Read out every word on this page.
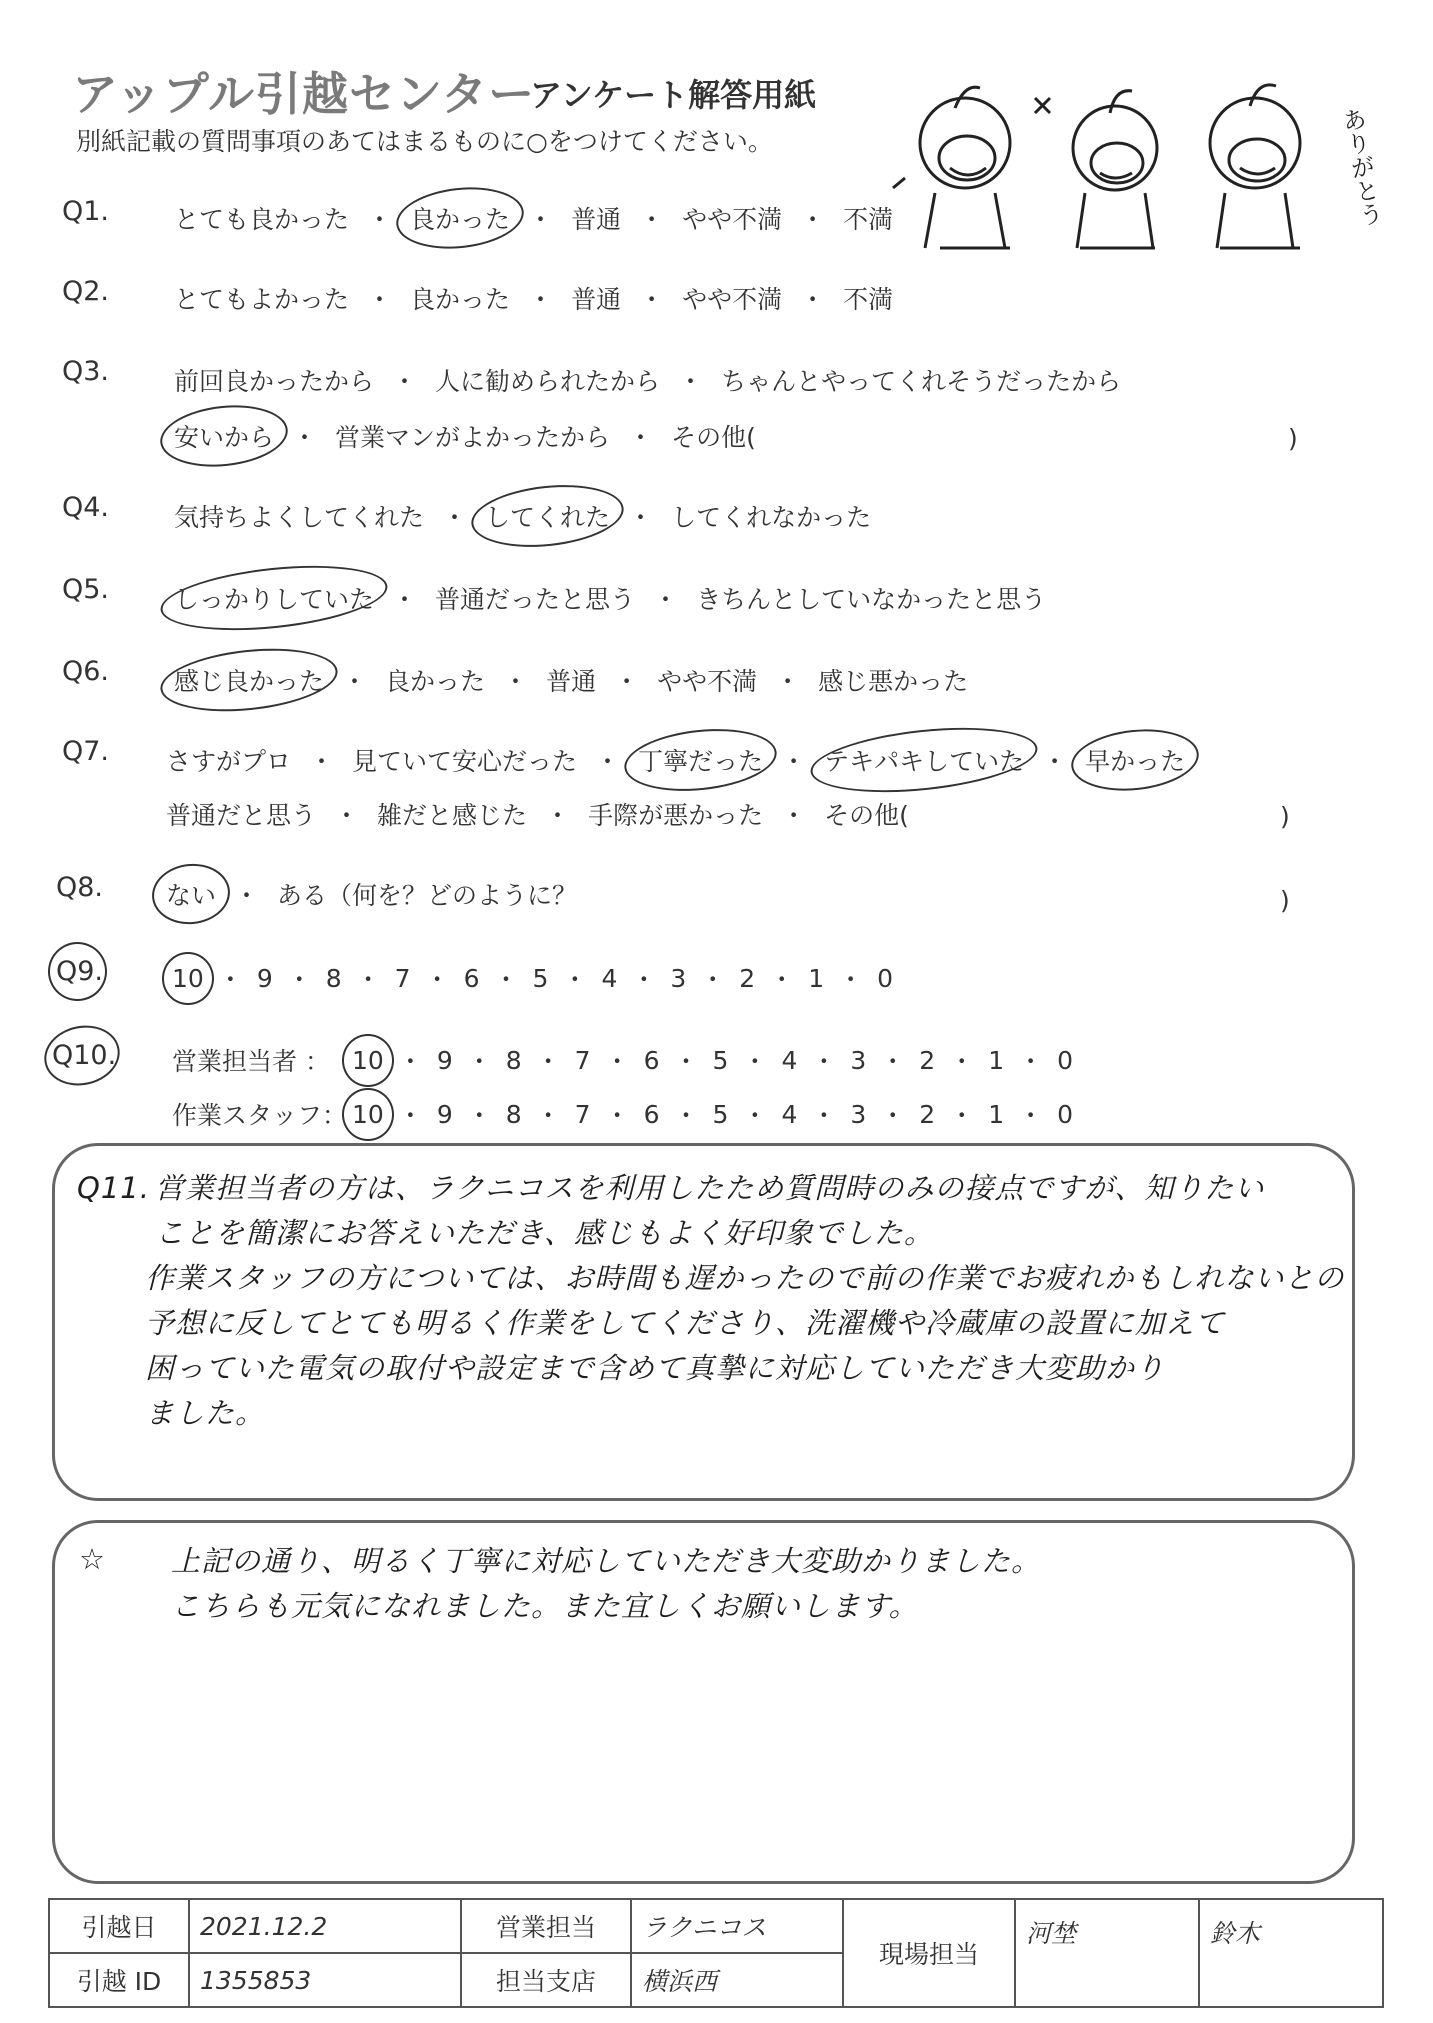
アップル引越センター
アンケート解答用紙
別紙記載の質問事項のあてはまるものに○をつけてください。	ありがとう
Q1.	とても良かった ・ 良かった ・ 普通 ・ やや不満 ・ 不満
Q2.	とてもよかった ・ 良かった ・ 普通 ・ やや不満 ・ 不満
Q3.	前回良かったから ・ 人に勧められたから ・ ちゃんとやってくれそうだったから
安いから ・ 営業マンがよかったから ・ その他(	)
Q4.	気持ちよくしてくれた ・ してくれた ・ してくれなかった
Q5.	しっかりしていた ・ 普通だったと思う ・ きちんとしていなかったと思う
Q6.	感じ良かった ・ 良かった ・ 普通 ・ やや不満 ・ 感じ悪かった
Q7. さすがプロ ・ 見ていて安心だった ・ 丁寧だった ・ テキパキしていた ・ 早かった
普通だと思う ・ 雑だと感じた ・ 手際が悪かった ・ その他(	)
Q8.	ない ・ ある（何を？どのように？	)
Q9.	10 ・ 9 ・ 8 ・ 7 ・ 6 ・ 5 ・ 4 ・ 3 ・ 2 ・ 1 ・ 0
Q10. 営業担当者 ： 10 ・ 9 ・ 8 ・ 7 ・ 6 ・ 5 ・ 4 ・ 3 ・ 2 ・ 1 ・ 0
作業スタッフ： 10 ・ 9 ・ 8 ・ 7 ・ 6 ・ 5 ・ 4 ・ 3 ・ 2 ・ 1 ・ 0
Q11. 営業担当者の方は、ラクニコスを利用したため質問時のみの接点ですが、知りたい

ことを簡潔にお答えいただき、感じもよく好印象でした。

作業スタッフの方については、お時間も遅かったので前の作業でお疲れかもしれないとの

予想に反してとても明るく作業をしてくださり、洗濯機や冷蔵庫の設置に加えて

困っていた電気の取付や設定まで含めて真摯に対応していただき大変助かり

ました。

☆ 上記の通り、明るく丁寧に対応していただき大変助かりました。

こちらも元気になれました。また宜しくお願いします。

引越日	2021.12.2	営業担当	ラクニコス	現場担当	河埜	鈴木
引越 ID	1355853	担当支店	横浜西			
